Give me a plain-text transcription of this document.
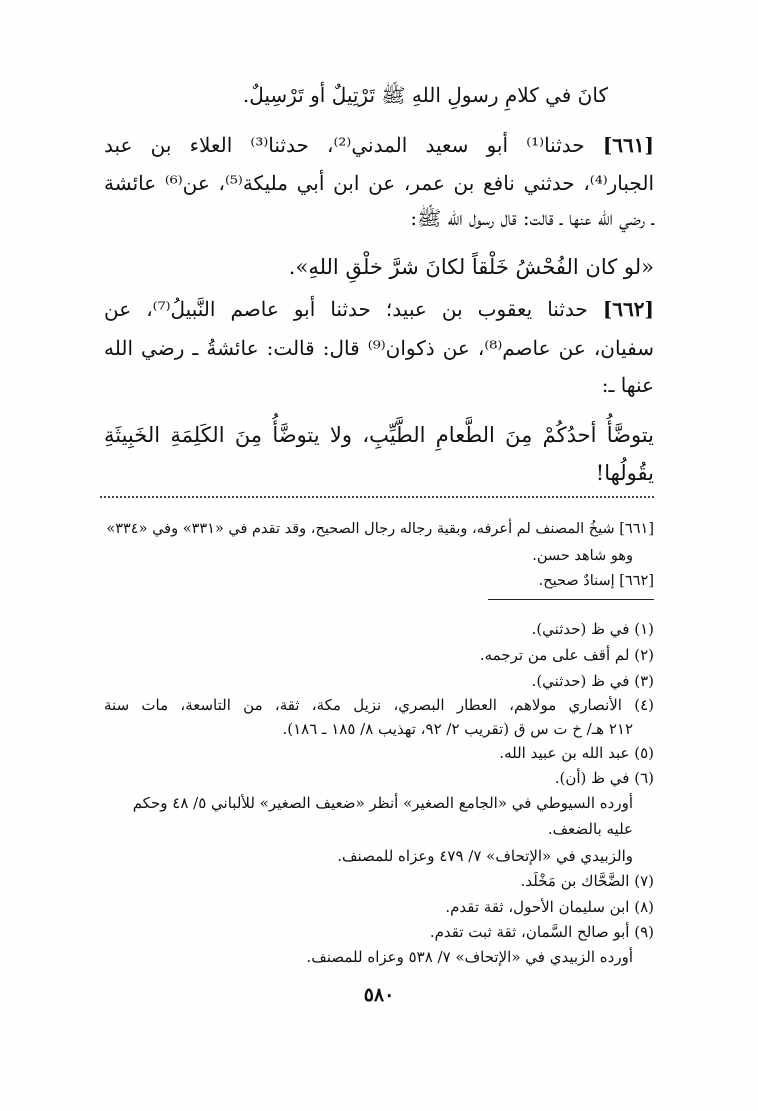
كانَ في كلامِ رسولِ اللهِ ﷺ تَرْتِيلٌ أو تَرْسِيلٌ.
[٦٦١] حدثنا⁽¹⁾ أبو سعيد المدني⁽²⁾، حدثنا⁽³⁾ العلاء بن عبد
الجبار⁽⁴⁾، حدثني نافع بن عمر، عن ابن أبي مليكة⁽⁵⁾، عن⁽⁶⁾ عائشة
ـ رضي الله عنها ـ قالت: قال رسول الله ﷺ:
«لو كان الفُحْشُ خَلْقاً لكانَ شرَّ خلْقِ اللهِ».
[٦٦٢] حدثنا يعقوب بن عبيد؛ حدثنا أبو عاصم النَّبيلُ⁽⁷⁾، عن
سفيان، عن عاصم⁽⁸⁾، عن ذكوان⁽⁹⁾ قال: قالت: عائشةُ ـ رضي الله
عنها ـ:
يتوضَّأُ أحدُكُمْ مِنَ الطَّعامِ الطَّيِّبِ، ولا يتوضَّأُ مِنَ الكَلِمَةِ الخَبِيثَةِ
يقُولُها!
[٦٦١] شيخُ المصنف لم أعرفه، وبقية رجاله رجال الصحيح، وقد تقدم في «٣٣١» وفي «٣٣٤»
وهو شاهد حسن.
[٦٦٢] إسنادٌ صحيح.
(١) في ظ (حدثني).
(٢) لم أقف على من ترجمه.
(٣) في ظ (حدثني).
(٤) الأنصاري مولاهم، العطار البصري، نزيل مكة، ثقة، من التاسعة، مات سنة
٢١٢ هـ/ خ ت س ق (تقريب ٢/ ٩٢، تهذيب ٨/ ١٨٥ ـ ١٨٦).
(٥) عبد الله بن عبيد الله.
(٦) في ظ (أن).
أورده السيوطي في «الجامع الصغير» أنظر «ضعيف الصغير» للألباني ٥/ ٤٨ وحكم
عليه بالضعف.
والزبيدي في «الإتحاف» ٧/ ٤٧٩ وعزاه للمصنف.
(٧) الضَّحَّاك بن مَخْلَد.
(٨) ابن سليمان الأحول، ثقة تقدم.
(٩) أبو صالح السَّمان، ثقة ثبت تقدم.
أورده الزبيدي في «الإتحاف» ٧/ ٥٣٨ وعزاه للمصنف.
٥٨٠
